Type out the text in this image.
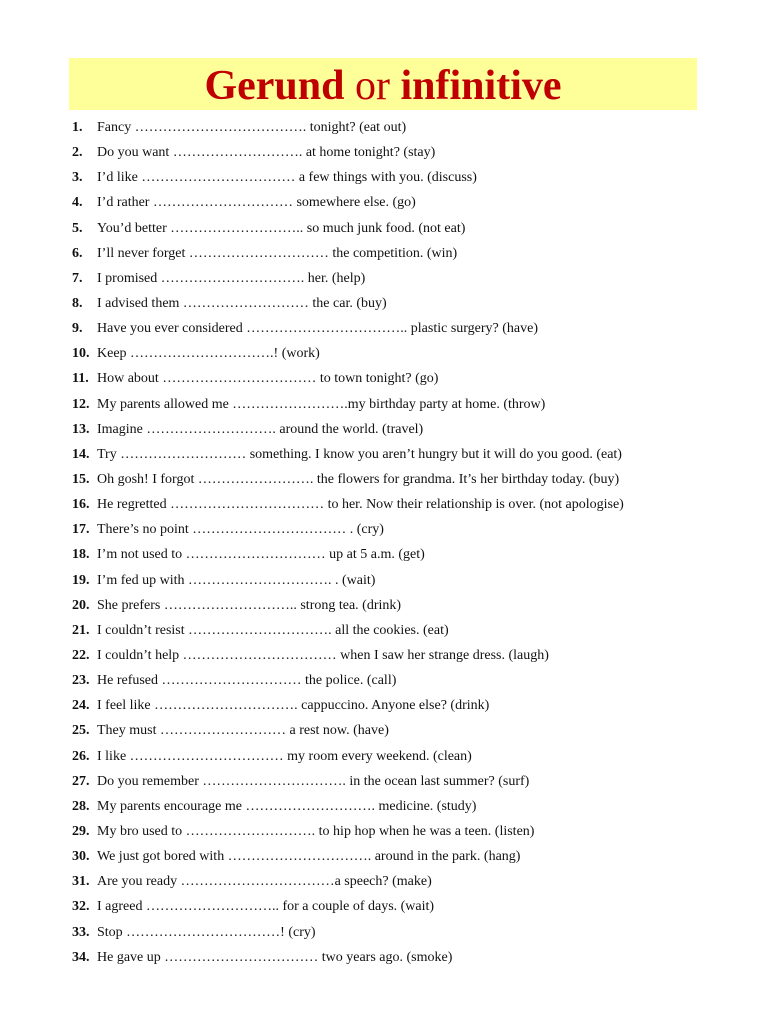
Gerund or infinitive
1. Fancy ………………………………. tonight? (eat out)
2. Do you want ………………………. at home tonight? (stay)
3. I’d like …………………………… a few things with you. (discuss)
4. I’d rather ………………………… somewhere else. (go)
5. You’d better ……………………….. so much junk food. (not eat)
6. I’ll never forget ………………………… the competition. (win)
7. I promised …………………………. her. (help)
8. I advised them ……………………… the car. (buy)
9. Have you ever considered …………………………….. plastic surgery? (have)
10. Keep ………………………….! (work)
11. How about …………………………… to town tonight? (go)
12. My parents allowed me …………………….my birthday party at home. (throw)
13. Imagine ………………………. around the world. (travel)
14. Try ……………………… something. I know you aren’t hungry but it will do you good. (eat)
15. Oh gosh! I forgot ……………………. the flowers for grandma. It’s her birthday today. (buy)
16. He regretted …………………………… to her. Now their relationship is over. (not apologise)
17. There’s no point …………………………… . (cry)
18. I’m not used to ………………………… up at 5 a.m. (get)
19. I’m fed up with …………………………. . (wait)
20. She prefers ……………………….. strong tea. (drink)
21. I couldn’t resist …………………………. all the cookies. (eat)
22. I couldn’t help …………………………… when I saw her strange dress. (laugh)
23. He refused ………………………… the police. (call)
24. I feel like …………………………. cappuccino. Anyone else? (drink)
25. They must ……………………… a rest now. (have)
26. I like …………………………… my room every weekend. (clean)
27. Do you remember …………………………. in the ocean last summer? (surf)
28. My parents encourage me ………………………. medicine. (study)
29. My bro used to ………………………. to hip hop when he was a teen. (listen)
30. We just got bored with …………………………. around in the park. (hang)
31. Are you ready ……………………………a speech? (make)
32. I agreed ……………………….. for a couple of days. (wait)
33. Stop ……………………………! (cry)
34. He gave up …………………………… two years ago. (smoke)
